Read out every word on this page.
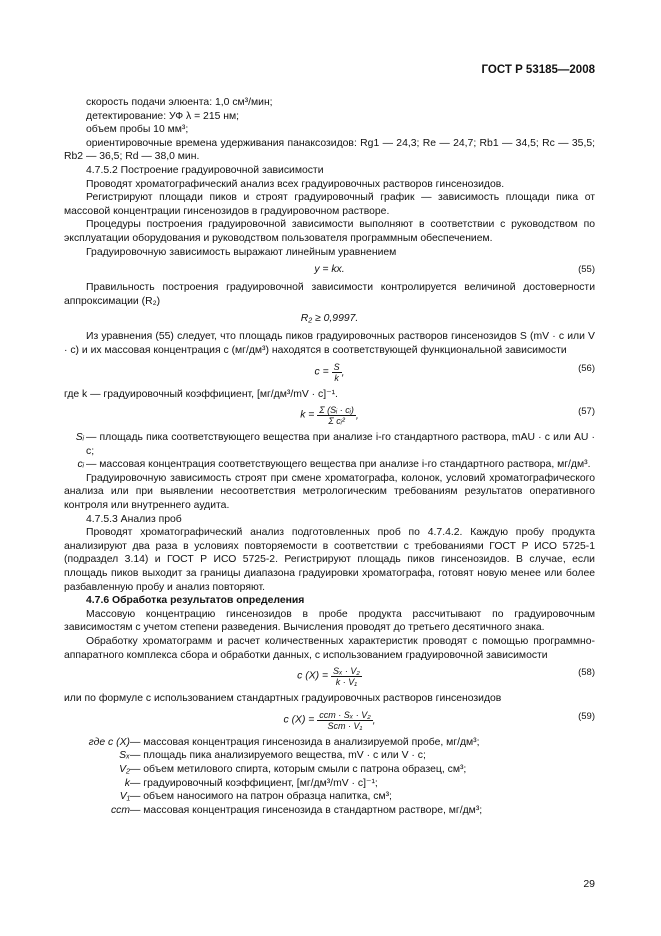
ГОСТ Р 53185—2008

скорость подачи элюента: 1,0 см³/мин;

детектирование: УФ λ = 215 нм;

объем пробы 10 мм³;

ориентировочные времена удерживания панаксозидов: Rg1 — 24,3; Re — 24,7; Rb1 — 34,5; Rc — 35,5; Rb2 — 36,5; Rd — 38,0 мин.

4.7.5.2 Построение градуировочной зависимости

Проводят хроматографический анализ всех градуировочных растворов гинсенозидов.

Регистрируют площади пиков и строят градуировочный график — зависимость площади пика от массовой концентрации гинсенозидов в градуировочном растворе.

Процедуры построения градуировочной зависимости выполняют в соответствии с руководством по эксплуатации оборудования и руководством пользователя программным обеспечением.

Градуировочную зависимость выражают линейным уравнением

y = kx.	(55)

Правильность построения градуировочной зависимости контролируется величиной достоверности аппроксимации (R₂)

R₂ ≥ 0,9997.

Из уравнения (55) следует, что площадь пиков градуировочных растворов гинсенозидов S (mV · c или V · c) и их массовая концентрация c (мг/дм³) находятся в соответствующей функциональной зависимости

$c = \frac{S}{k}$ ,	(56)

где k — градуировочный коэффициент, [мг/дм³/mV · c]⁻¹.

$k = \frac{\text{Σ (Sᵢ · cᵢ)}}{\text{Σ cᵢ²}}$ ,	(57)
Sᵢ — площадь пика соответствующего вещества при анализе i-го стандартного раствора, mAU · c или AU · c;

cᵢ — массовая концентрация соответствующего вещества при анализе i-го стандартного раствора, мг/дм³.

Градуировочную зависимость строят при смене хроматографа, колонок, условий хроматографического анализа или при выявлении несоответствия метрологическим требованиям результатов оперативного контроля или внутреннего аудита.

4.7.5.3 Анализ проб

Проводят хроматографический анализ подготовленных проб по 4.7.4.2. Каждую пробу продукта анализируют два раза в условиях повторяемости в соответствии с требованиями ГОСТ Р ИСО 5725-1 (подраздел 3.14) и ГОСТ Р ИСО 5725-2. Регистрируют площадь пиков гинсенозидов. В случае, если площадь пиков выходит за границы диапазона градуировки хроматографа, готовят новую менее или более разбавленную пробу и анализ повторяют.

4.7.6 Обработка результатов определения

Массовую концентрацию гинсенозидов в пробе продукта рассчитывают по градуировочным зависимостям с учетом степени разведения. Вычисления проводят до третьего десятичного знака.

Обработку хроматограмм и расчет количественных характеристик проводят с помощью программно-аппаратного комплекса сбора и обработки данных, с использованием градуировочной зависимости

c $(X) = \frac{\text{Sₓ · V₂}}{\text{k · V₁}}$	(58)

или по формуле с использованием стандартных градуировочных растворов гинсенозидов

c $(X) = \frac{\text{cст · Sₓ · V₂}}{\text{Sст · V₁}}$ ,	(59)
где c (X) — массовая концентрация гинсенозида в анализируемой пробе, мг/дм³;
Sₓ — площадь пика анализируемого вещества, mV · c или V · c;
V₂ — объем метилового спирта, которым смыли с патрона образец, см³;
k — градуировочный коэффициент, [мг/дм³/mV · c]⁻¹;
V₁ — объем наносимого на патрон образца напитка, см³;
cст — массовая концентрация гинсенозида в стандартном растворе, мг/дм³;
29
